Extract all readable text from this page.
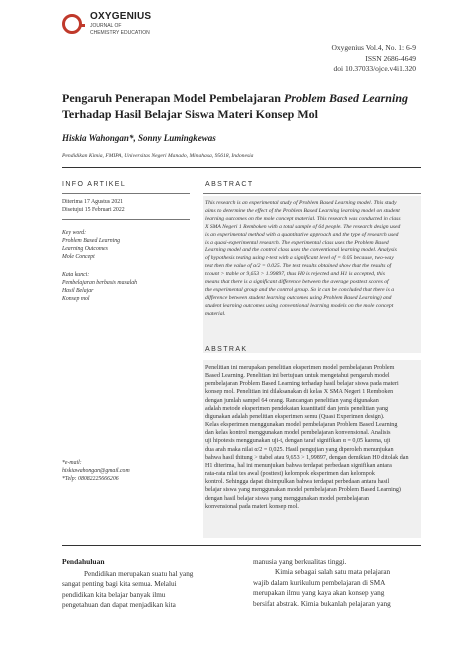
OXYGENIUS
JOURNAL OF
CHEMISTRY EDUCATION
Oxygenius Vol.4, No. 1: 6-9
ISSN 2686-4649
doi 10.37033/ojce.v4i1.320
Pengaruh Penerapan Model Pembelajaran Problem Based Learning
Terhadap Hasil Belajar Siswa Materi Konsep Mol
Hiskia Wahongan*, Sonny Lumingkewas
Pendidikan Kimia, FMIPA, Universitas Negeri Manado, Minahasa, 95618, Indonesia
INFO ARTIKEL
Diterima 17 Agustus 2021
Disetujui 15 Februari 2022
Key word:
Problem Based Learning
Learning Outcomes
Mole Concept
Kata kunci:
Pembelajaran berbasis masalah
Hasil Belajar
Konsep mol
*e-mail:
hiskiawahongan@gmail.com
*Telp: 08082225666206
ABSTRACT
This research is an experimental study of Problem Based Learning model. This study
aims to determine the effect of the Problem Based Learning learning model on student
learning outcomes on the mole concept material. This research was conducted in class
X SMA Negeri 1 Remboken with a total sample of 64 people. The research design used
is an experimental method with a quantitative approach and the type of research used
is a quasi-experimental research. The experimental class uses the Problem Based
Learning model and the control class uses the conventional learning model. Analysis
of hypothesis testing using t-test with a significant level of = 0.05 because, two-way
test then the value of α/2 = 0.025. The test results obtained show that the results of
tcount > ttable or 9,653 > 1.99897, thus H0 is rejected and H1 is accepted, this
means that there is a significant difference between the average posttest scores of
the experimental group and the control group. So it can be concluded that there is a
difference between student learning outcomes using Problem Based Learning) and
student learning outcomes using conventional learning models on the mole concept
material.
ABSTRAK
Penelitian ini merupakan penelitian eksperimen model pembelajaran Problem
Based Learning. Penelitian ini bertujuan untuk mengetahui pengaruh model
pembelajaran Problem Based Learning terhadap hasil belajar siswa pada materi
konsep mol. Penelitian ini dilaksanakan di kelas X SMA Negeri 1 Remboken
dengan jumlah sampel 64 orang. Rancangan penelitian yang digunakan
adalah metode eksperimen pendekatan kuantitatif dan jenis penelitian yang
digunakan adalah penelitian eksperimen semu (Quasi Experimen design).
Kelas eksperimen menggunakan model pembelajaran Problem Based Learning
dan kelas kontrol menggunakan model pembelajaran konvensional. Analisis
uji hipotesis menggunakan uji-t, dengan taraf signifikan α = 0,05 karena, uji
dua arah maka nilai α/2 = 0,025. Hasil pengujian yang diperoleh menunjukan
bahwa hasil thitung > ttabel atau 9,653 > 1,99897, dengan demikian H0 ditolak dan
H1 diterima, hal ini menunjukan bahwa terdapat perbedaan signifikan antara
rata-rata nilai tes awal (posttest) kelompok eksperimen dan kelompok
kontrol. Sehingga dapat disimpulkan bahwa terdapat perbedaan antara hasil
belajar siswa yang menggunakan model pembelajaran Problem Based Learning)
dengan hasil belajar siswa yang menggunakan model pembelajaran
konvensional pada materi konsep mol.
Pendahuluan
Pendidikan merupakan suatu hal yang
sangat penting bagi kita semua. Melalui
pendidikan kita belajar banyak ilmu
pengetahuan dan dapat menjadikan kita
manusia yang berkualitas tinggi.
Kimia sebagai salah satu mata pelajaran
wajib dalam kurikulum pembelajaran di SMA
merupakan ilmu yang kaya akan konsep yang
bersifat abstrak. Kimia bukanlah pelajaran yang
